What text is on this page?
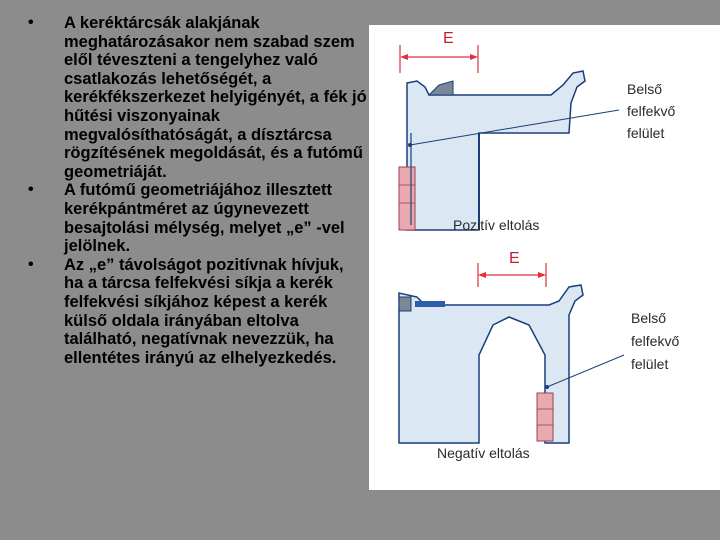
• A keréktárcsák alakjának meghatározásakor nem szabad szem elől téveszteni a tengelyhez való csatlakozás lehetőségét, a kerékfékszerkezet helyigényét, a fék jó hűtési viszonyainak megvalósíthatóságát, a dísztárcsa rögzítésének megoldását, és a futómű geometriáját.
• A futómű geometriájához illesztett kerékpántméret az úgynevezett besajtolási mélység, melyet „e” -vel jelölnek.
• Az „e” távolságot pozitívnak hívjuk, ha a tárcsa felfekvési síkja a kerék felfekvési síkjához képest a kerék külső oldala irányában eltolva található, negatívnak nevezzük, ha ellentétes irányú az elhelyezkedés.
E
Belső
felfekvő
felület
Pozitív eltolás
E
Belső
felfekvő
felület
Negatív eltolás
